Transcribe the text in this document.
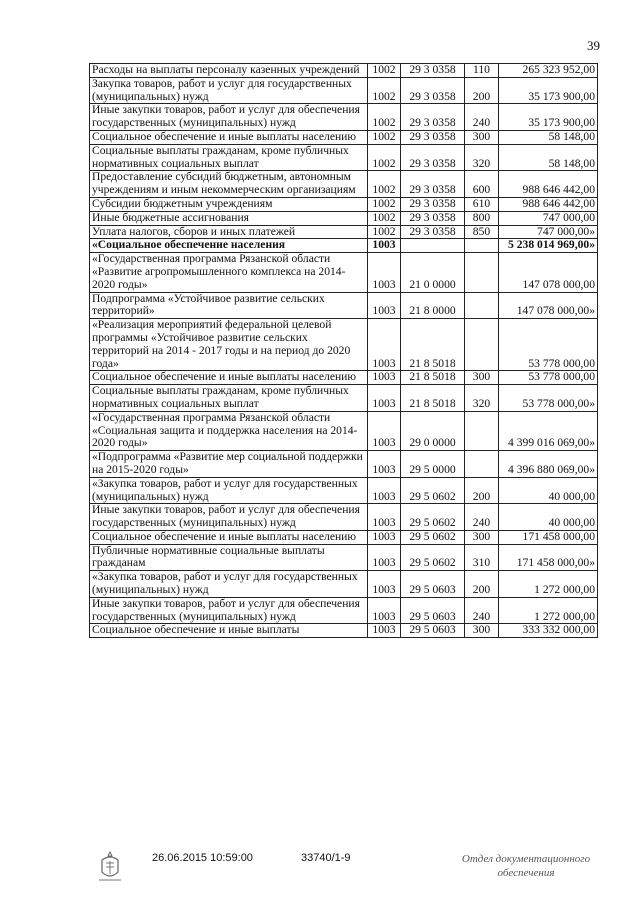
39
Расходы на выплаты персоналу казенных учреждений	1002	29 3 0358	110	265 323 952,00
Закупка товаров, работ и услуг для государственных (муниципальных) нужд	1002	29 3 0358	200	35 173 900,00
Иные закупки товаров, работ и услуг для обеспечения государственных (муниципальных) нужд	1002	29 3 0358	240	35 173 900,00
Социальное обеспечение и иные выплаты населению	1002	29 3 0358	300	58 148,00
Социальные выплаты гражданам, кроме публичных нормативных социальных выплат	1002	29 3 0358	320	58 148,00
Предоставление субсидий бюджетным, автономным учреждениям и иным некоммерческим организациям	1002	29 3 0358	600	988 646 442,00
Субсидии бюджетным учреждениям	1002	29 3 0358	610	988 646 442,00
Иные бюджетные ассигнования	1002	29 3 0358	800	747 000,00
Уплата налогов, сборов и иных платежей	1002	29 3 0358	850	747 000,00»
«Социальное обеспечение населения	1003			5 238 014 969,00»
«Государственная программа Рязанской области «Развитие агропромышленного комплекса на 2014-2020 годы»	1003	21 0 0000		147 078 000,00
Подпрограмма «Устойчивое развитие сельских территорий»	1003	21 8 0000		147 078 000,00»
«Реализация мероприятий федеральной целевой программы «Устойчивое развитие сельских территорий на 2014 - 2017 годы и на период до 2020 года»	1003	21 8 5018		53 778 000,00
Социальное обеспечение и иные выплаты населению	1003	21 8 5018	300	53 778 000,00
Социальные выплаты гражданам, кроме публичных нормативных социальных выплат	1003	21 8 5018	320	53 778 000,00»
«Государственная программа Рязанской области «Социальная защита и поддержка населения на 2014-2020 годы»	1003	29 0 0000		4 399 016 069,00»
«Подпрограмма «Развитие мер социальной поддержки на 2015-2020 годы»	1003	29 5 0000		4 396 880 069,00»
«Закупка товаров, работ и услуг для государственных (муниципальных) нужд	1003	29 5 0602	200	40 000,00
Иные закупки товаров, работ и услуг для обеспечения государственных (муниципальных) нужд	1003	29 5 0602	240	40 000,00
Социальное обеспечение и иные выплаты населению	1003	29 5 0602	300	171 458 000,00
Публичные нормативные социальные выплаты гражданам	1003	29 5 0602	310	171 458 000,00»
«Закупка товаров, работ и услуг для государственных (муниципальных) нужд	1003	29 5 0603	200	1 272 000,00
Иные закупки товаров, работ и услуг для обеспечения государственных (муниципальных) нужд	1003	29 5 0603	240	1 272 000,00
Социальное обеспечение и иные выплаты	1003	29 5 0603	300	333 332 000,00
26.06.2015 10:59:00	33740/1-9	Отдел документационного
обеспечения
